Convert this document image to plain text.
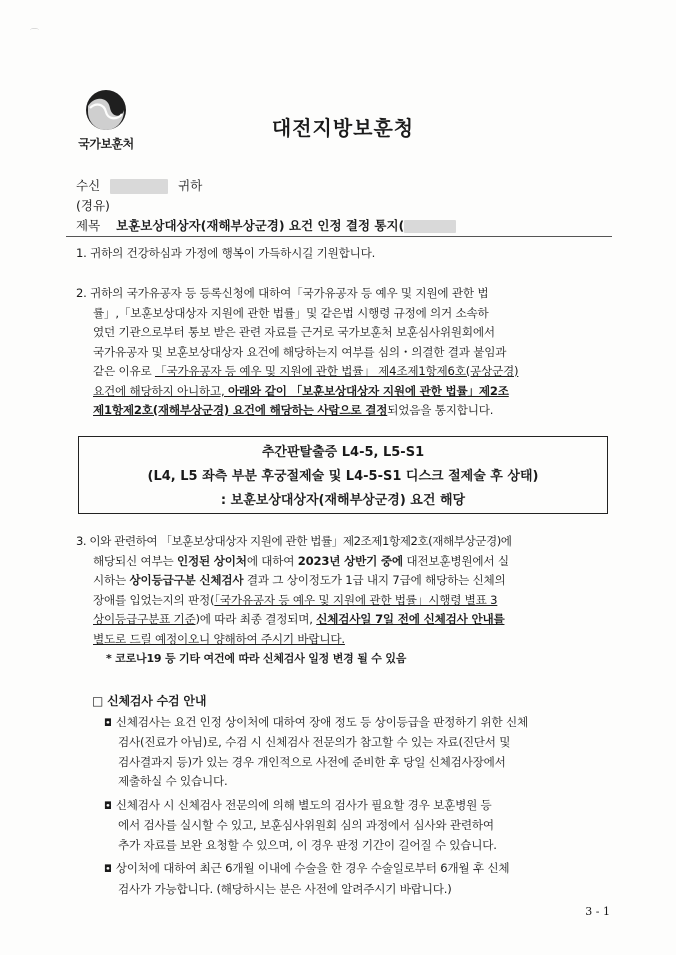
⌒
국가보훈처
대전지방보훈청
수신	귀하
(경유)
제목 보훈보상대상자(재해부상군경) 요건 인정 결정 통지(
1. 귀하의 건강하심과 가정에 행복이 가득하시길 기원합니다.
2. 귀하의 국가유공자 등 등록신청에 대하여「국가유공자 등 예우 및 지원에 관한 법
률」,「보훈보상대상자 지원에 관한 법률」및 같은법 시행령 규정에 의거 소속하
였던 기관으로부터 통보 받은 관련 자료를 근거로 국가보훈처 보훈심사위원회에서
국가유공자 및 보훈보상대상자 요건에 해당하는지 여부를 심의・의결한 결과 붙임과
같은 이유로 「국가유공자 등 예우 및 지원에 관한 법률」 제4조제1항제6호(공상군경)
요건에 해당하지 아니하고, 아래와 같이 「보훈보상대상자 지원에 관한 법률」제2조
제1항제2호(재해부상군경) 요건에 해당하는 사람으로 결정되었음을 통지합니다.
추간판탈출증 L4-5, L5-S1
(L4, L5 좌측 부분 후궁절제술 및 L4-5-S1 디스크 절제술 후 상태)
: 보훈보상대상자(재해부상군경) 요건 해당
3. 이와 관련하여 「보훈보상대상자 지원에 관한 법률」제2조제1항제2호(재해부상군경)에
해당되신 여부는 인정된 상이처에 대하여 2023년 상반기 중에 대전보훈병원에서 실
시하는 상이등급구분 신체검사 결과 그 상이정도가 1급 내지 7급에 해당하는 신체의
장애를 입었는지의 판정(「국가유공자 등 예우 및 지원에 관한 법률」시행령 별표 3
상이등급구분표 기준)에 따라 최종 결정되며, 신체검사일 7일 전에 신체검사 안내를
별도로 드릴 예정이오니 양해하여 주시기 바랍니다.
* 코로나19 등 기타 여건에 따라 신체검사 일정 변경 될 수 있음
□ 신체검사 수검 안내
◘ 신체검사는 요건 인정 상이처에 대하여 장애 정도 등 상이등급을 판정하기 위한 신체
검사(진료가 아님)로, 수검 시 신체검사 전문의가 참고할 수 있는 자료(진단서 및
검사결과지 등)가 있는 경우 개인적으로 사전에 준비한 후 당일 신체검사장에서
제출하실 수 있습니다.
◘ 신체검사 시 신체검사 전문의에 의해 별도의 검사가 필요할 경우 보훈병원 등
에서 검사를 실시할 수 있고, 보훈심사위원회 심의 과정에서 심사와 관련하여
추가 자료를 보완 요청할 수 있으며, 이 경우 판정 기간이 길어질 수 있습니다.
◘ 상이처에 대하여 최근 6개월 이내에 수술을 한 경우 수술일로부터 6개월 후 신체
검사가 가능합니다. (해당하시는 분은 사전에 알려주시기 바랍니다.)
3 - 1
